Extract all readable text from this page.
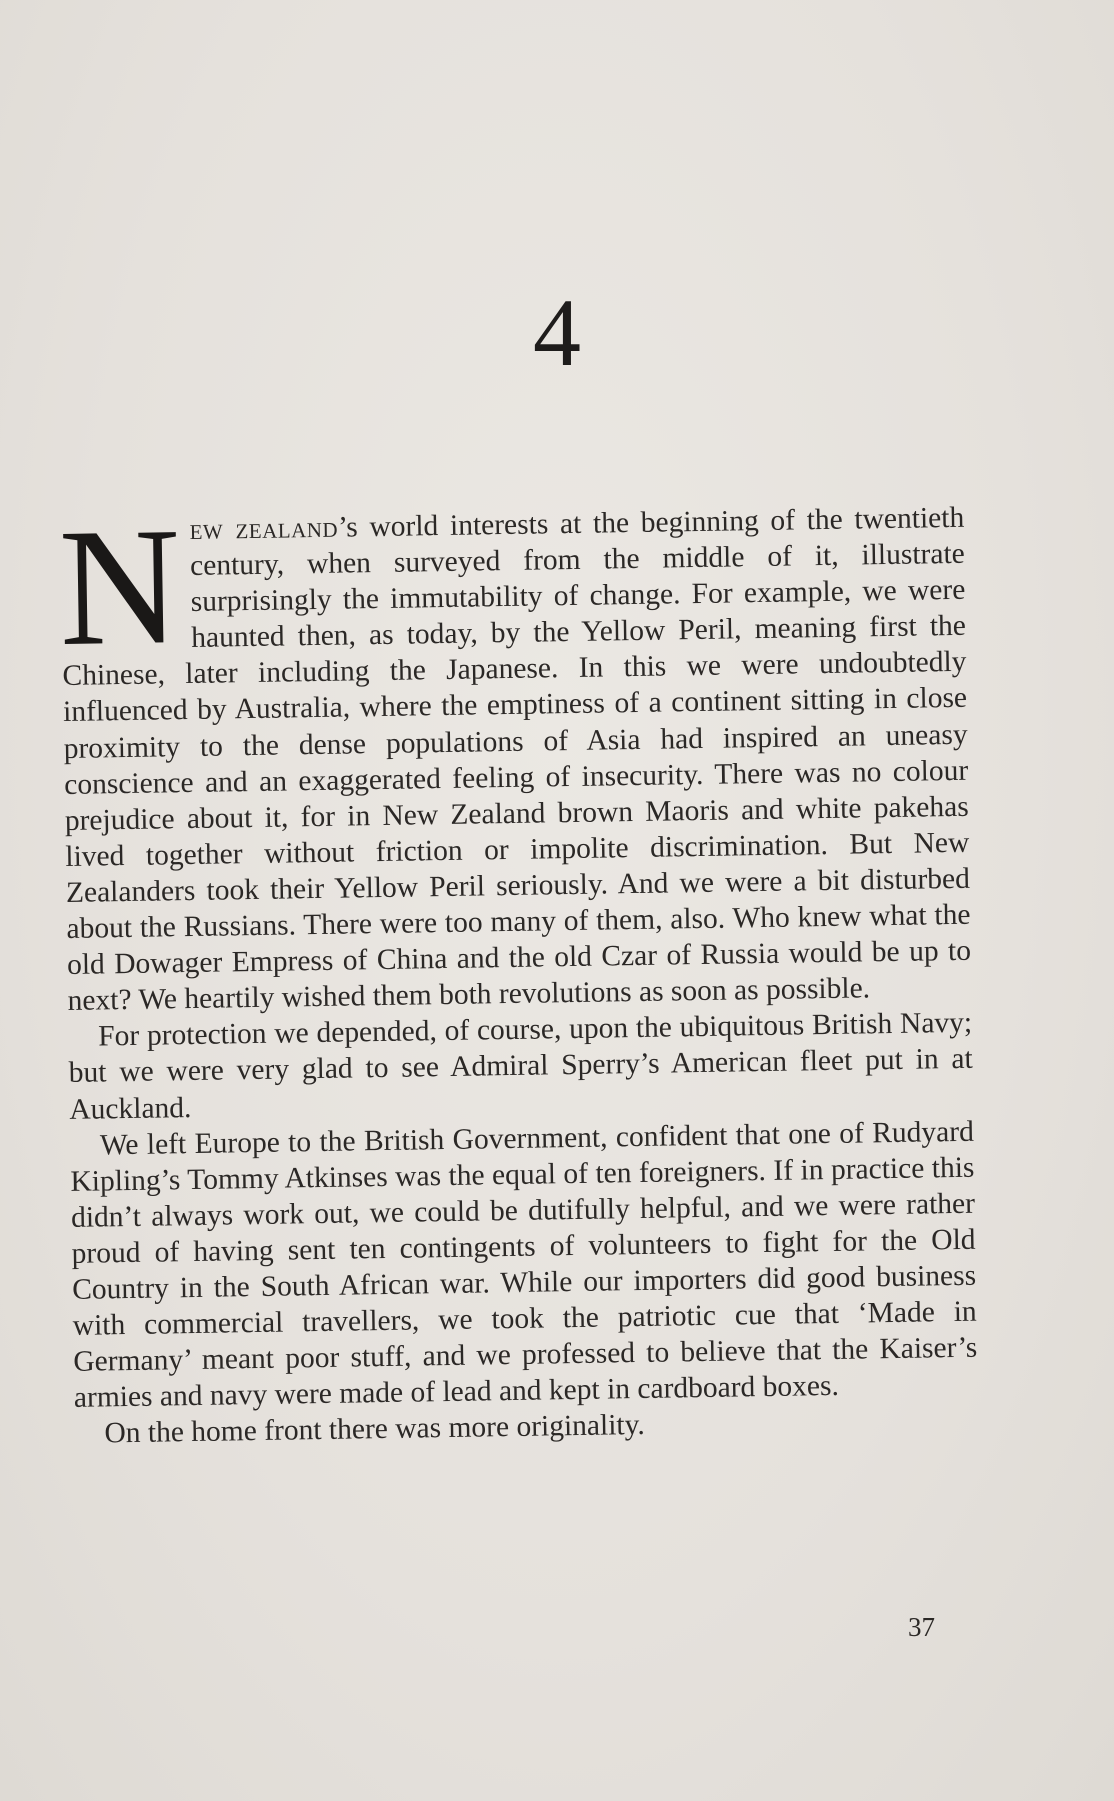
4

New zealand’s world interests at the beginning of the twentieth century, when surveyed from the middle of it, illustrate surprisingly the immutability of change. For example, we were haunted then, as today, by the Yellow Peril, meaning first the Chinese, later including the Japanese. In this we were undoubtedly influenced by Australia, where the emptiness of a continent sitting in close proximity to the dense populations of Asia had inspired an uneasy conscience and an exaggerated feeling of insecurity. There was no colour prejudice about it, for in New Zealand brown Maoris and white pakehas lived together without friction or impolite discrimination. But New Zealanders took their Yellow Peril seriously. And we were a bit disturbed about the Russians. There were too many of them, also. Who knew what the old Dowager Empress of China and the old Czar of Russia would be up to next? We heartily wished them both revolutions as soon as possible.

For protection we depended, of course, upon the ubiquitous British Navy; but we were very glad to see Admiral Sperry’s American fleet put in at Auckland.

We left Europe to the British Government, confident that one of Rudyard Kipling’s Tommy Atkinses was the equal of ten foreigners. If in practice this didn’t always work out, we could be dutifully helpful, and we were rather proud of having sent ten contingents of volunteers to fight for the Old Country in the South African war. While our importers did good business with commercial travellers, we took the patriotic cue that ‘Made in Germany’ meant poor stuff, and we professed to believe that the Kaiser’s armies and navy were made of lead and kept in cardboard boxes.

On the home front there was more originality.

37
